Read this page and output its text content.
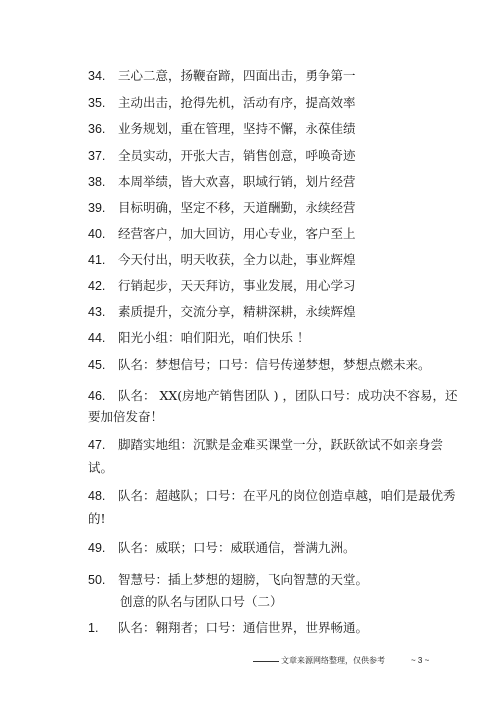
34. 三心二意，扬鞭奋蹄，四面出击，勇争第一
35. 主动出击，抢得先机，活动有序，提高效率
36. 业务规划，重在管理，坚持不懈，永葆佳绩
37. 全员实动，开张大吉，销售创意，呼唤奇迹
38. 本周举绩，皆大欢喜，职域行销，划片经营
39. 目标明确，坚定不移，天道酬勤，永续经营
40. 经营客户，加大回访，用心专业，客户至上
41. 今天付出，明天收获，全力以赴，事业辉煌
42. 行销起步，天天拜访，事业发展，用心学习
43. 素质提升，交流分享，精耕深耕，永续辉煌
44. 阳光小组：咱们阳光，咱们快乐 ！
45. 队名：梦想信号；口号：信号传递梦想，梦想点燃未来。
46. 队名： XX(房地产销售团队 ) ，团队口号：成功决不容易，还
要加倍发奋！
47. 脚踏实地组：沉默是金难买课堂一分，跃跃欲试不如亲身尝
试。
48. 队名：超越队；口号：在平凡的岗位创造卓越，咱们是最优秀
的!
49. 队名：威联；口号：威联通信，誉满九洲。
50. 智慧号：插上梦想的翅膀，飞向智慧的天堂。
创意的队名与团队口号（二）
1. 队名：翱翔者；口号：通信世界，世界畅通。
文章来源网络整理，仅供参考	~ 3 ~
